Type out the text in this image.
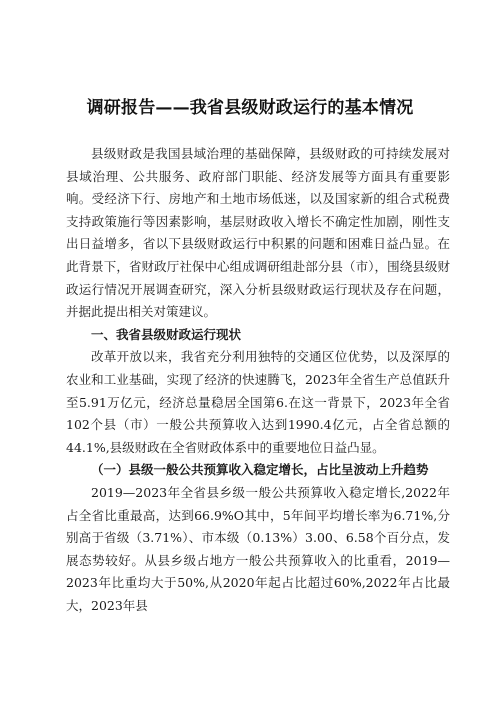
调研报告——我省县级财政运行的基本情况

县级财政是我国县域治理的基础保障，县级财政的可持续发展对县域治理、公共服务、政府部门职能、经济发展等方面具有重要影响。受经济下行、房地产和土地市场低迷，以及国家新的组合式税费支持政策施行等因素影响，基层财政收入增长不确定性加剧，刚性支出日益增多，省以下县级财政运行中积累的问题和困难日益凸显。在此背景下，省财政厅社保中心组成调研组赴部分县（市），围绕县级财政运行情况开展调查研究，深入分析县级财政运行现状及存在问题，并据此提出相关对策建议。

一、我省县级财政运行现状

改革开放以来，我省充分利用独特的交通区位优势，以及深厚的农业和工业基础，实现了经济的快速腾飞，2023年全省生产总值跃升至5.91万亿元，经济总量稳居全国第6.在这一背景下，2023年全省102个县（市）一般公共预算收入达到1990.4亿元，占全省总额的44.1%,县级财政在全省财政体系中的重要地位日益凸显。

（一）县级一般公共预算收入稳定增长，占比呈波动上升趋势

2019—2023年全省县乡级一般公共预算收入稳定增长,2022年占全省比重最高，达到66.9%O其中，5年间平均增长率为6.71%,分别高于省级（3.71%）、市本级（0.13%）3.00、6.58个百分点，发展态势较好。从县乡级占地方一般公共预算收入的比重看，2019—2023年比重均大于50%,从2020年起占比超过60%,2022年占比最大，2023年县
